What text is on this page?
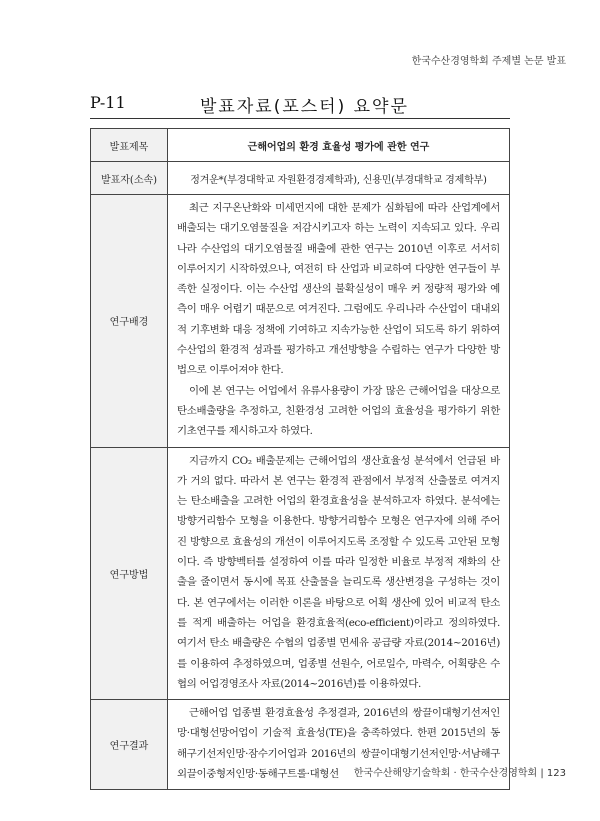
한국수산경영학회 주제별 논문 발표
P-11	발표자료(포스터) 요약문
발표제목	근해어업의 환경 효율성 평가에 관한 연구
발표자(소속)	정겨운*(부경대학교 자원환경경제학과), 신용민(부경대학교 경제학부)
연구배경	최근 지구온난화와 미세먼지에 대한 문제가 심화됨에 따라 산업계에서 배출되는 대기오염물질을 저감시키고자 하는 노력이 지속되고 있다. 우리나라 수산업의 대기오염물질 배출에 관한 연구는 2010년 이후로 서서히 이루어지기 시작하였으나, 여전히 타 산업과 비교하여 다양한 연구들이 부족한 실정이다. 이는 수산업 생산의 불확실성이 매우 커 정량적 평가와 예측이 매우 어렵기 때문으로 여겨진다. 그럼에도 우리나라 수산업이 대내외적 기후변화 대응 정책에 기여하고 지속가능한 산업이 되도록 하기 위하여 수산업의 환경적 성과를 평가하고 개선방향을 수립하는 연구가 다양한 방법으로 이루어져야 한다.

이에 본 연구는 어업에서 유류사용량이 가장 많은 근해어업을 대상으로 탄소배출량을 추정하고, 친환경성 고려한 어업의 효율성을 평가하기 위한 기초연구를 제시하고자 하였다.

연구방법	지금까지 CO₂ 배출문제는 근해어업의 생산효율성 분석에서 언급된 바가 거의 없다. 따라서 본 연구는 환경적 관점에서 부정적 산출물로 여겨지는 탄소배출을 고려한 어업의 환경효율성을 분석하고자 하였다. 분석에는 방향거리함수 모형을 이용한다. 방향거리함수 모형은 연구자에 의해 주어진 방향으로 효율성의 개선이 이루어지도록 조정할 수 있도록 고안된 모형이다. 즉 방향벡터를 설정하여 이를 따라 일정한 비율로 부정적 재화의 산출을 줄이면서 동시에 목표 산출물을 늘리도록 생산변경을 구성하는 것이다. 본 연구에서는 이러한 이론을 바탕으로 어획 생산에 있어 비교적 탄소를 적게 배출하는 어업을 환경효율적(eco-efficient)이라고 정의하였다. 여기서 탄소 배출량은 수협의 업종별 면세유 공급량 자료(2014~2016년)를 이용하여 추정하였으며, 업종별 선원수, 어로일수, 마력수, 어획량은 수협의 어업경영조사 자료(2014~2016년)를 이용하였다.

연구결과	근해어업 업종별 환경효율성 추정결과, 2016년의 쌍끌이대형기선저인망·대형선망어업이 기술적 효율성(TE)을 충족하였다. 한편 2015년의 동해구기선저인망·잠수기어업과 2016년의 쌍끌이대형기선저인망·서남해구외끌이중형저인망·동해구트롤·대형선	한국수산해양기술학회 · 한국수산경영학회 | 123
